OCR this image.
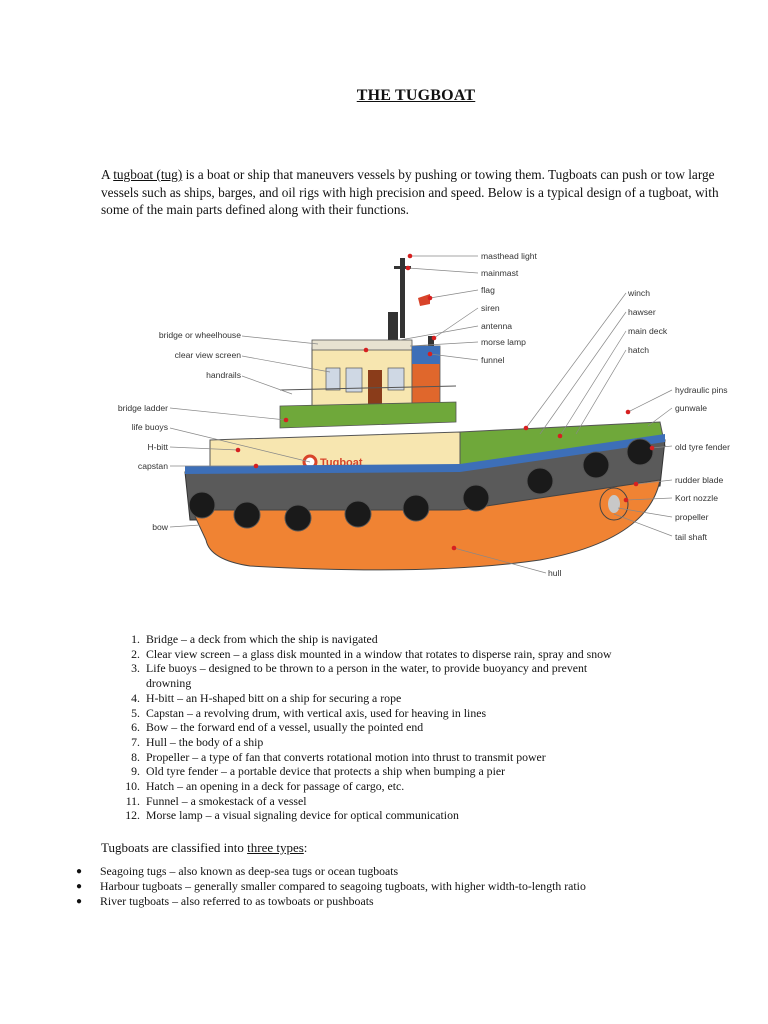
THE TUGBOAT

A tugboat (tug) is a boat or ship that maneuvers vessels by pushing or towing them. Tugboats can push or tow large vessels such as ships, barges, and oil rigs with high precision and speed. Below is a typical design of a tugboat, with some of the main parts defined along with their functions.

Tugboat
masthead light
mainmast
flag
siren
antenna
morse lamp
funnel
winch
hawser
main deck
hatch
hydraulic pins
gunwale
old tyre fender
rudder blade
Kort nozzle
propeller
tail shaft
hull
bridge or wheelhouse
clear view screen
handrails
bridge ladder
life buoys
H-bitt
capstan
bow
1. Bridge – a deck from which the ship is navigated
2. Clear view screen – a glass disk mounted in a window that rotates to disperse rain, spray and snow
3. Life buoys – designed to be thrown to a person in the water, to provide buoyancy and prevent
drowning
4. H-bitt – an H-shaped bitt on a ship for securing a rope
5. Capstan – a revolving drum, with vertical axis, used for heaving in lines
6. Bow – the forward end of a vessel, usually the pointed end
7. Hull – the body of a ship
8. Propeller – a type of fan that converts rotational motion into thrust to transmit power
9. Old tyre fender – a portable device that protects a ship when bumping a pier
10. Hatch – an opening in a deck for passage of cargo, etc.
11. Funnel – a smokestack of a vessel
12. Morse lamp – a visual signaling device for optical communication

Tugboats are classified into three types:

● Seagoing tugs – also known as deep-sea tugs or ocean tugboats
● Harbour tugboats – generally smaller compared to seagoing tugboats, with higher width-to-length ratio
● River tugboats – also referred to as towboats or pushboats
